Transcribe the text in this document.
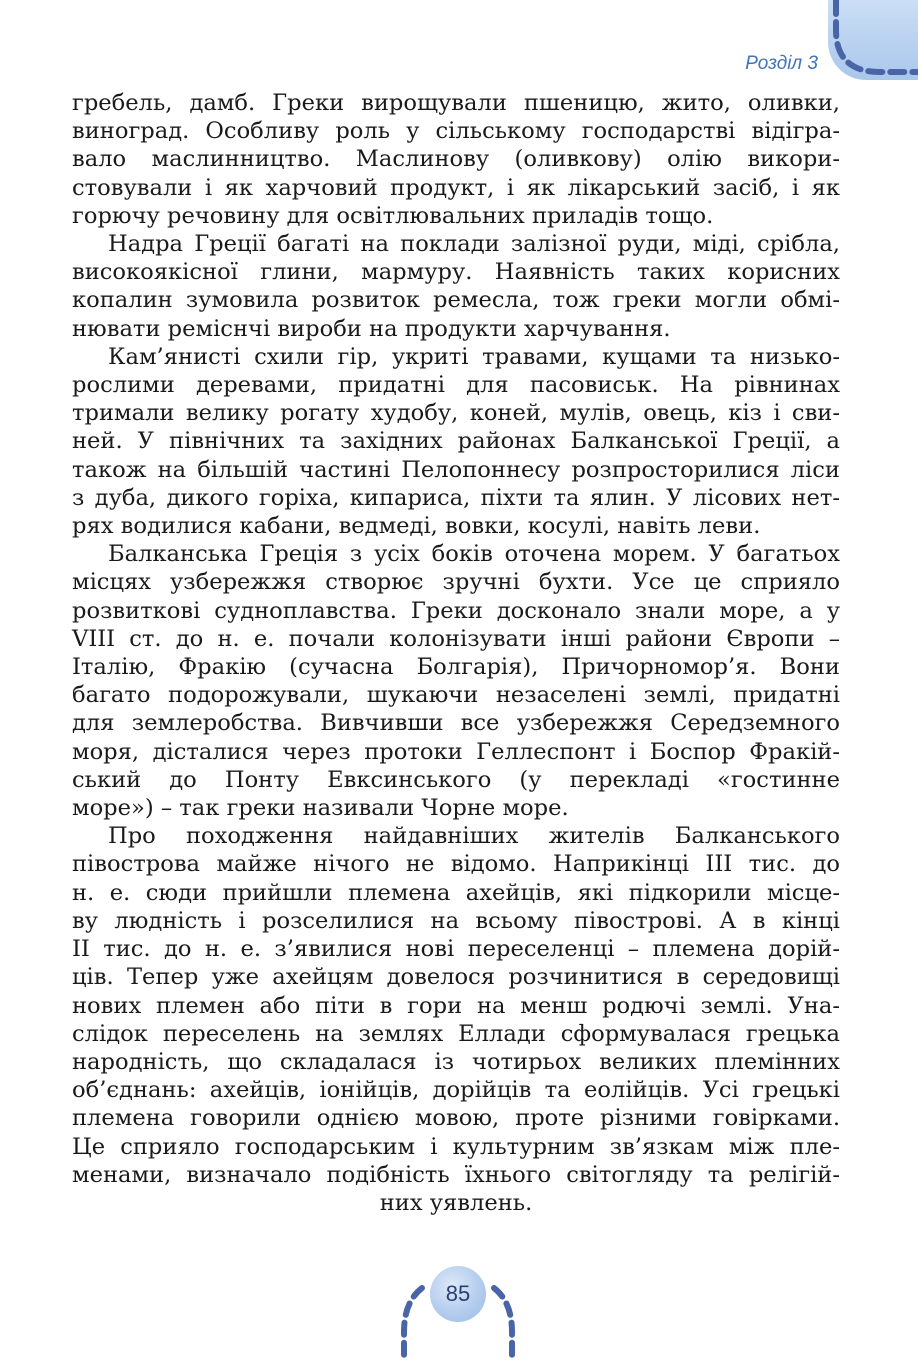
Розділ 3

гребель, дамб. Греки вирощували пшеницю, жито, оливки,
виноград. Особливу роль у сільському господарстві відігра-
вало маслинництво. Маслинову (оливкову) олію викори-
стовували і як харчовий продукт, і як лікарський засіб, і як
горючу речовину для освітлювальних приладів тощо.

Надра Греції багаті на поклади залізної руди, міді, срібла,
високоякісної глини, мармуру. Наявність таких корисних
копалин зумовила розвиток ремесла, тож греки могли обмі-
нювати реміснчі вироби на продукти харчування.

Кам’янисті схили гір, укриті травами, кущами та низько-
рослими деревами, придатні для пасовиськ. На рівнинах
тримали велику рогату худобу, коней, мулів, овець, кіз і сви-
ней. У північних та західних районах Балканської Греції, а
також на більшій частині Пелопоннесу розпросторилися ліси
з дуба, дикого горіха, кипариса, піхти та ялин. У лісових нет-
рях водилися кабани, ведмеді, вовки, косулі, навіть леви.

Балканська Греція з усіх боків оточена морем. У багатьох
місцях узбережжя створює зручні бухти. Усе це сприяло
розвиткові судноплавства. Греки досконало знали море, а у
VIII ст. до н. е. почали колонізувати інші райони Європи –
Італію, Фракію (сучасна Болгарія), Причорномор’я. Вони
багато подорожували, шукаючи незаселені землі, придатні
для землеробства. Вивчивши все узбережжя Середземного
моря, дісталися через протоки Геллеспонт і Боспор Фракій-
ський до Понту Евксинського (у перекладі «гостинне
море») – так греки називали Чорне море.

Про походження найдавніших жителів Балканського
півострова майже нічого не відомо. Наприкінці ІІІ тис. до
н. е. сюди прийшли племена ахейців, які підкорили місце-
ву людність і розселилися на всьому півострові. А в кінці
ІІ тис. до н. е. з’явилися нові переселенці – племена дорій-
ців. Тепер уже ахейцям довелося розчинитися в середовищі
нових племен або піти в гори на менш родючі землі. Уна-
слідок переселень на землях Еллади сформувалася грецька
народність, що складалася із чотирьох великих племінних
об’єднань: ахейців, іонійців, дорійців та еолійців. Усі грецькі
племена говорили однією мовою, проте різними говірками.
Це сприяло господарським і культурним зв’язкам між пле-
менами, визначало подібність їхнього світогляду та релігій-
них уявлень.

85
